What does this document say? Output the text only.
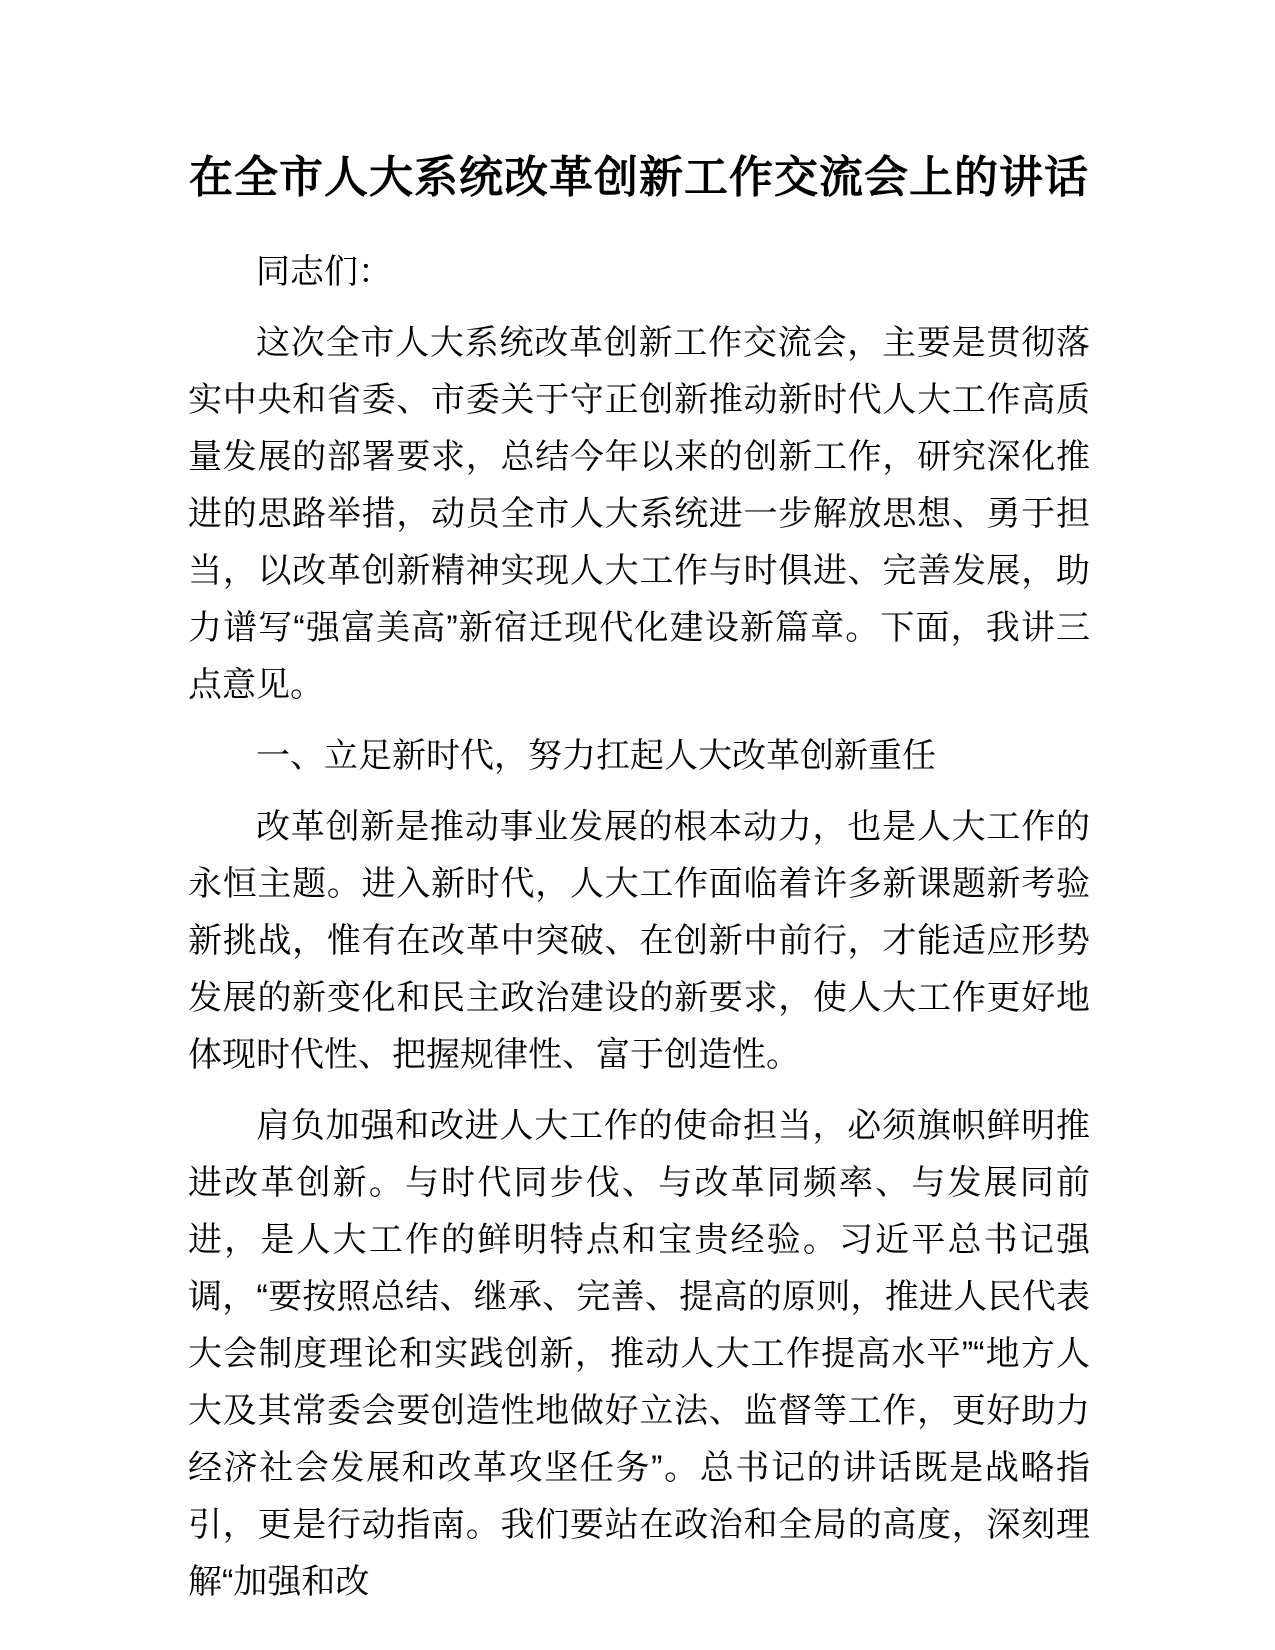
在全市人大系统改革创新工作交流会上的讲话

同志们：

这次全市人大系统改革创新工作交流会，主要是贯彻落实中央和省委、市委关于守正创新推动新时代人大工作高质量发展的部署要求，总结今年以来的创新工作，研究深化推进的思路举措，动员全市人大系统进一步解放思想、勇于担当，以改革创新精神实现人大工作与时俱进、完善发展，助力谱写“强富美高”新宿迁现代化建设新篇章。下面，我讲三点意见。

一、立足新时代，努力扛起人大改革创新重任

改革创新是推动事业发展的根本动力，也是人大工作的永恒主题。进入新时代，人大工作面临着许多新课题新考验新挑战，惟有在改革中突破、在创新中前行，才能适应形势发展的新变化和民主政治建设的新要求，使人大工作更好地体现时代性、把握规律性、富于创造性。

肩负加强和改进人大工作的使命担当，必须旗帜鲜明推进改革创新。与时代同步伐、与改革同频率、与发展同前进，是人大工作的鲜明特点和宝贵经验。习近平总书记强调，“要按照总结、继承、完善、提高的原则，推进人民代表大会制度理论和实践创新，推动人大工作提高水平”“地方人大及其常委会要创造性地做好立法、监督等工作，更好助力经济社会发展和改革攻坚任务”。总书记的讲话既是战略指引，更是行动指南。我们要站在政治和全局的高度，深刻理解“加强和改
